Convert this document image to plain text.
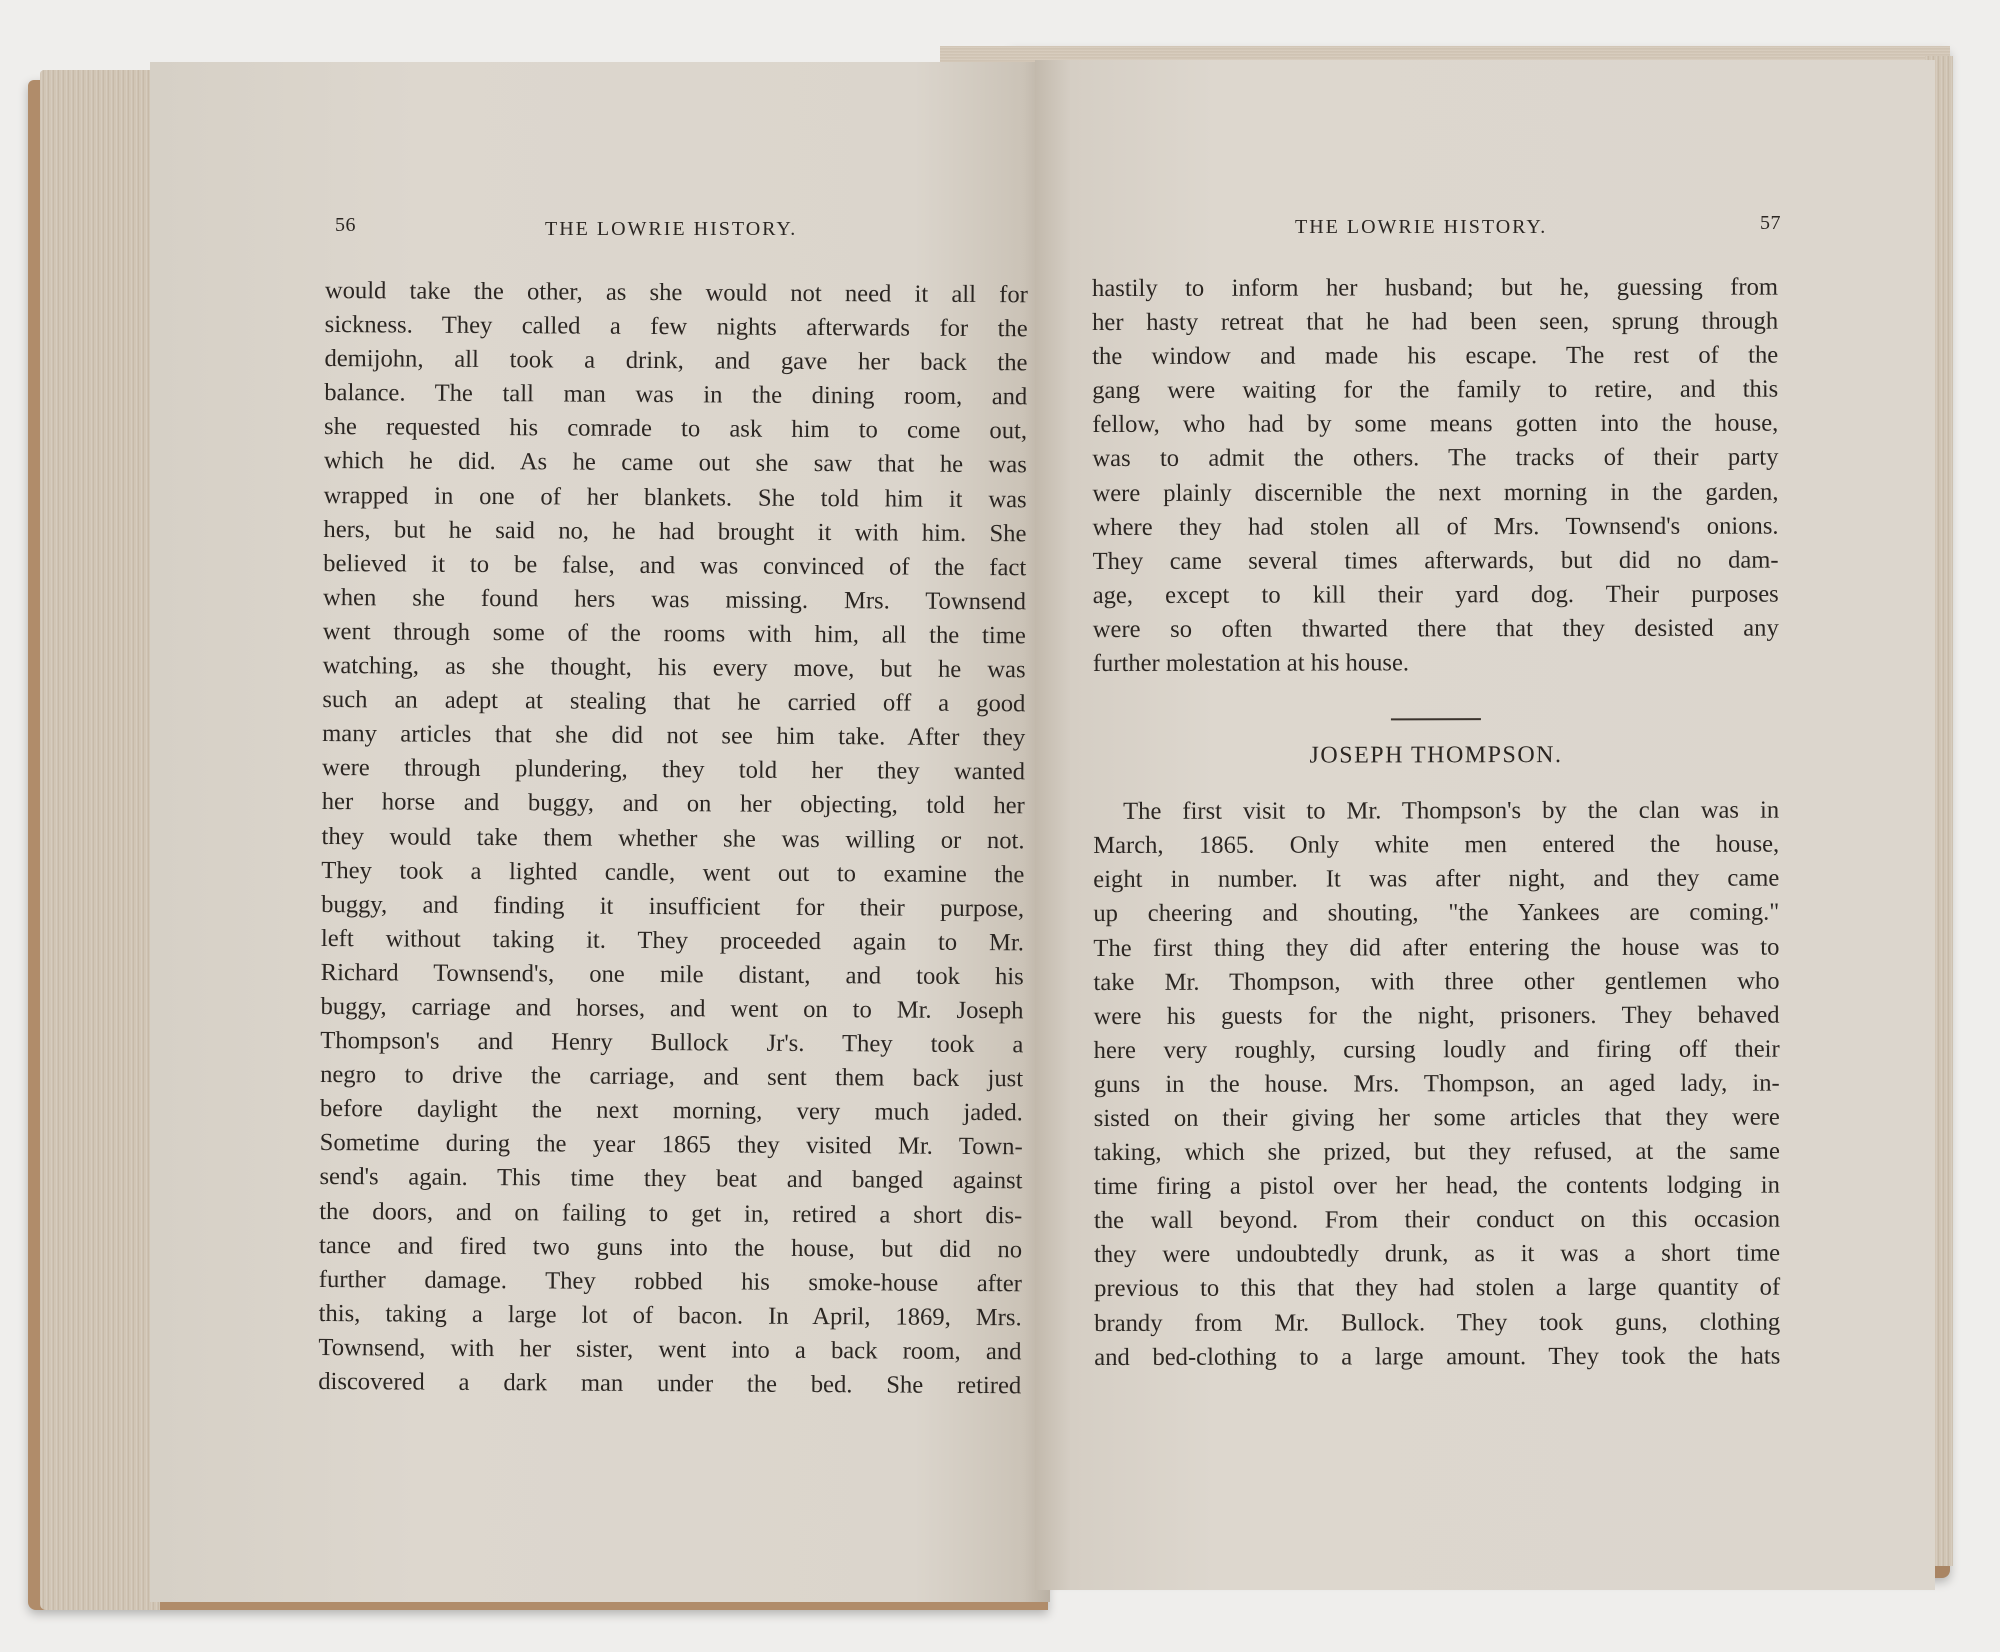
56	THE LOWRIE HISTORY.
would take the other, as she would not need it all for
sickness. They called a few nights afterwards for the
demijohn, all took a drink, and gave her back the
balance. The tall man was in the dining room, and
she requested his comrade to ask him to come out,
which he did. As he came out she saw that he was
wrapped in one of her blankets. She told him it was
hers, but he said no, he had brought it with him. She
believed it to be false, and was convinced of the fact
when she found hers was missing. Mrs. Townsend
went through some of the rooms with him, all the time
watching, as she thought, his every move, but he was
such an adept at stealing that he carried off a good
many articles that she did not see him take. After they
were through plundering, they told her they wanted
her horse and buggy, and on her objecting, told her
they would take them whether she was willing or not.
They took a lighted candle, went out to examine the
buggy, and finding it insufficient for their purpose,
left without taking it. They proceeded again to Mr.
Richard Townsend's, one mile distant, and took his
buggy, carriage and horses, and went on to Mr. Joseph
Thompson's and Henry Bullock Jr's. They took a
negro to drive the carriage, and sent them back just
before daylight the next morning, very much jaded.
Sometime during the year 1865 they visited Mr. Town-
send's again. This time they beat and banged against
the doors, and on failing to get in, retired a short dis-
tance and fired two guns into the house, but did no
further damage. They robbed his smoke-house after
this, taking a large lot of bacon. In April, 1869, Mrs.
Townsend, with her sister, went into a back room, and
discovered a dark man under the bed. She retired
THE LOWRIE HISTORY.	57
hastily to inform her husband; but he, guessing from
her hasty retreat that he had been seen, sprung through
the window and made his escape. The rest of the
gang were waiting for the family to retire, and this
fellow, who had by some means gotten into the house,
was to admit the others. The tracks of their party
were plainly discernible the next morning in the garden,
where they had stolen all of Mrs. Townsend's onions.
They came several times afterwards, but did no dam-
age, except to kill their yard dog. Their purposes
were so often thwarted there that they desisted any
further molestation at his house.
JOSEPH THOMPSON.
The first visit to Mr. Thompson's by the clan was in
March, 1865. Only white men entered the house,
eight in number. It was after night, and they came
up cheering and shouting, "the Yankees are coming."
The first thing they did after entering the house was to
take Mr. Thompson, with three other gentlemen who
were his guests for the night, prisoners. They behaved
here very roughly, cursing loudly and firing off their
guns in the house. Mrs. Thompson, an aged lady, in-
sisted on their giving her some articles that they were
taking, which she prized, but they refused, at the same
time firing a pistol over her head, the contents lodging in
the wall beyond. From their conduct on this occasion
they were undoubtedly drunk, as it was a short time
previous to this that they had stolen a large quantity of
brandy from Mr. Bullock. They took guns, clothing
and bed-clothing to a large amount. They took the hats
